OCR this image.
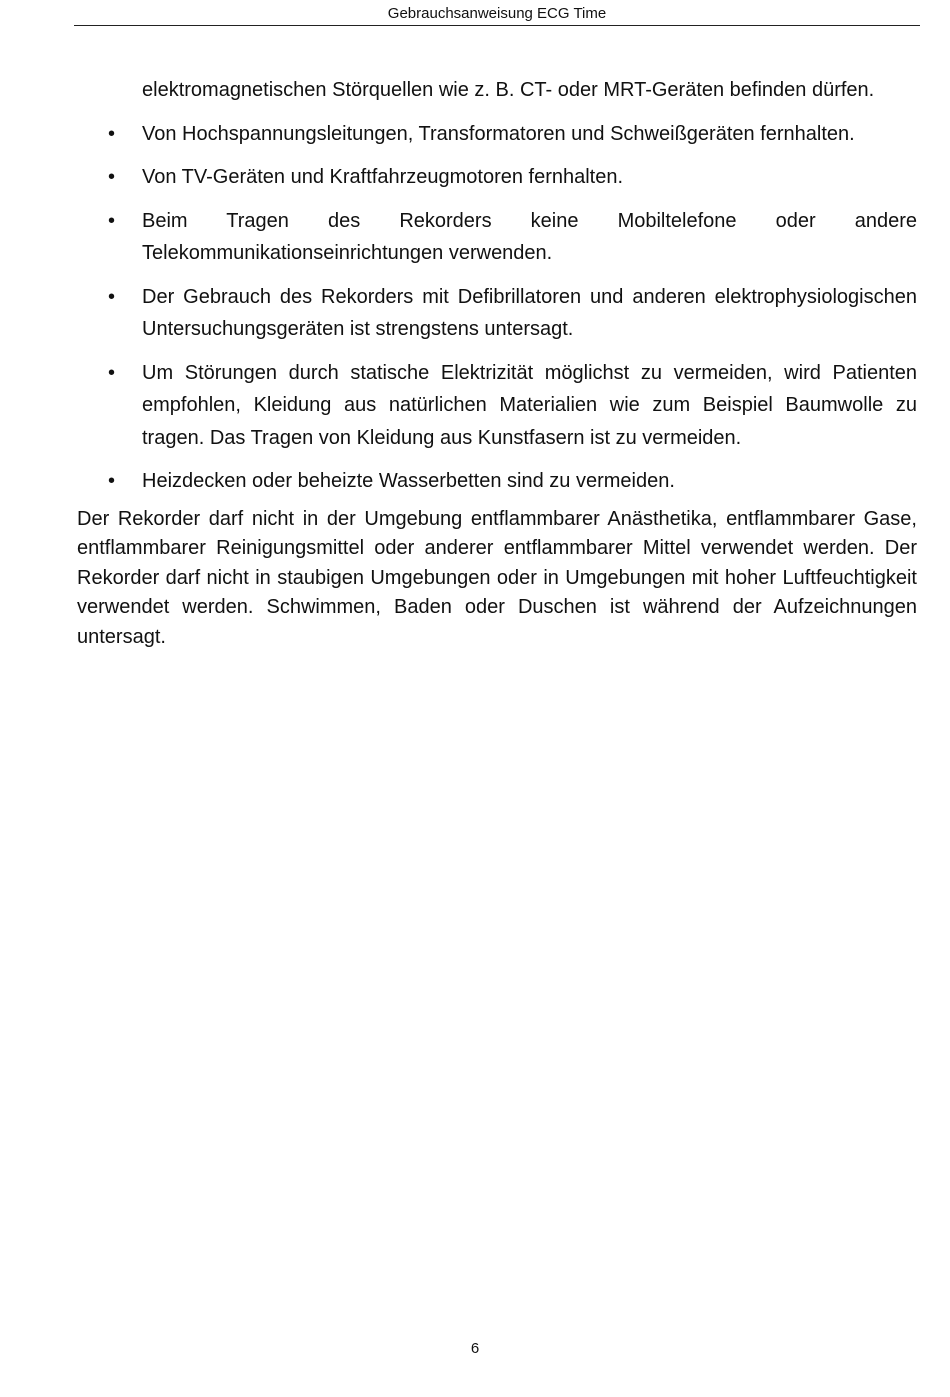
Gebrauchsanweisung ECG Time
elektromagnetischen Störquellen wie z. B. CT- oder MRT-Geräten befinden dürfen.
• Von Hochspannungsleitungen, Transformatoren und Schweißgeräten fernhalten.
• Von TV-Geräten und Kraftfahrzeugmotoren fernhalten.
• Beim Tragen des Rekorders keine Mobiltelefone oder andere Telekommunikationseinrichtungen verwenden.
• Der Gebrauch des Rekorders mit Defibrillatoren und anderen elektrophysiologischen Untersuchungsgeräten ist strengstens untersagt.
• Um Störungen durch statische Elektrizität möglichst zu vermeiden, wird Patienten empfohlen, Kleidung aus natürlichen Materialien wie zum Beispiel Baumwolle zu tragen. Das Tragen von Kleidung aus Kunstfasern ist zu vermeiden.
• Heizdecken oder beheizte Wasserbetten sind zu vermeiden.

Der Rekorder darf nicht in der Umgebung entflammbarer Anästhetika, entflammbarer Gase, entflammbarer Reinigungsmittel oder anderer entflammbarer Mittel verwendet werden. Der Rekorder darf nicht in staubigen Umgebungen oder in Umgebungen mit hoher Luftfeuchtigkeit verwendet werden. Schwimmen, Baden oder Duschen ist während der Aufzeichnungen untersagt.

6
